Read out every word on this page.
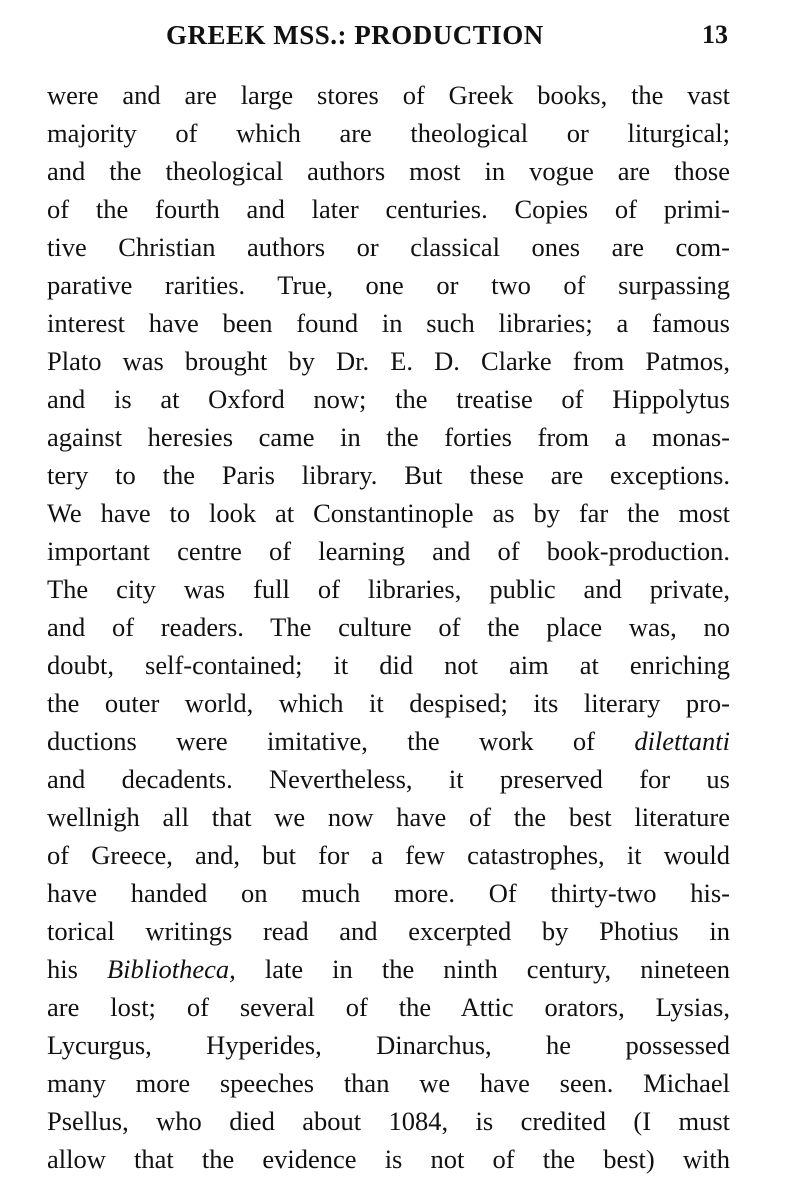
GREEK MSS.: PRODUCTION	13
were and are large stores of Greek books, the vast
majority of which are theological or liturgical;
and the theological authors most in vogue are those
of the fourth and later centuries. Copies of primi-
tive Christian authors or classical ones are com-
parative rarities. True, one or two of surpassing
interest have been found in such libraries; a famous
Plato was brought by Dr. E. D. Clarke from Patmos,
and is at Oxford now; the treatise of Hippolytus
against heresies came in the forties from a monas-
tery to the Paris library. But these are exceptions.
We have to look at Constantinople as by far the most
important centre of learning and of book-production.
The city was full of libraries, public and private,
and of readers. The culture of the place was, no
doubt, self-contained; it did not aim at enriching
the outer world, which it despised; its literary pro-
ductions were imitative, the work of dilettanti
and decadents. Nevertheless, it preserved for us
wellnigh all that we now have of the best literature
of Greece, and, but for a few catastrophes, it would
have handed on much more. Of thirty-two his-
torical writings read and excerpted by Photius in
his Bibliotheca, late in the ninth century, nineteen
are lost; of several of the Attic orators, Lysias,
Lycurgus, Hyperides, Dinarchus, he possessed
many more speeches than we have seen. Michael
Psellus, who died about 1084, is credited (I must
allow that the evidence is not of the best) with
